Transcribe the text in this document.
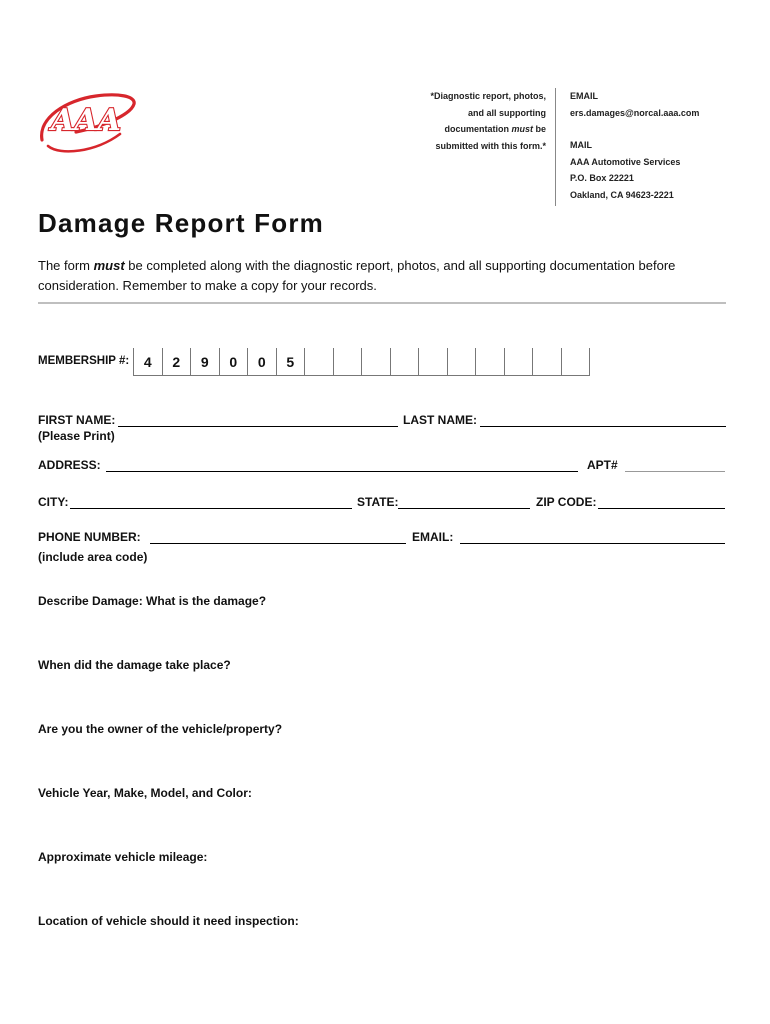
AAA
*Diagnostic report, photos,
and all supporting
documentation must be
submitted with this form.*
EMAIL
ers.damages@norcal.aaa.com
MAIL
AAA Automotive Services
P.O. Box 22221
Oakland, CA 94623-2221
Damage Report Form
The form must be completed along with the diagnostic report, photos, and all supporting documentation before consideration. Remember to make a copy for your records.
MEMBERSHIP #:	4	2	9	0	0	5
FIRST NAME:	LAST NAME:
(Please Print)
ADDRESS:	APT#
CITY:	STATE:	ZIP CODE:
PHONE NUMBER:	EMAIL:
(include area code)
Describe Damage: What is the damage?
When did the damage take place?
Are you the owner of the vehicle/property?
Vehicle Year, Make, Model, and Color:
Approximate vehicle mileage:
Location of vehicle should it need inspection:
